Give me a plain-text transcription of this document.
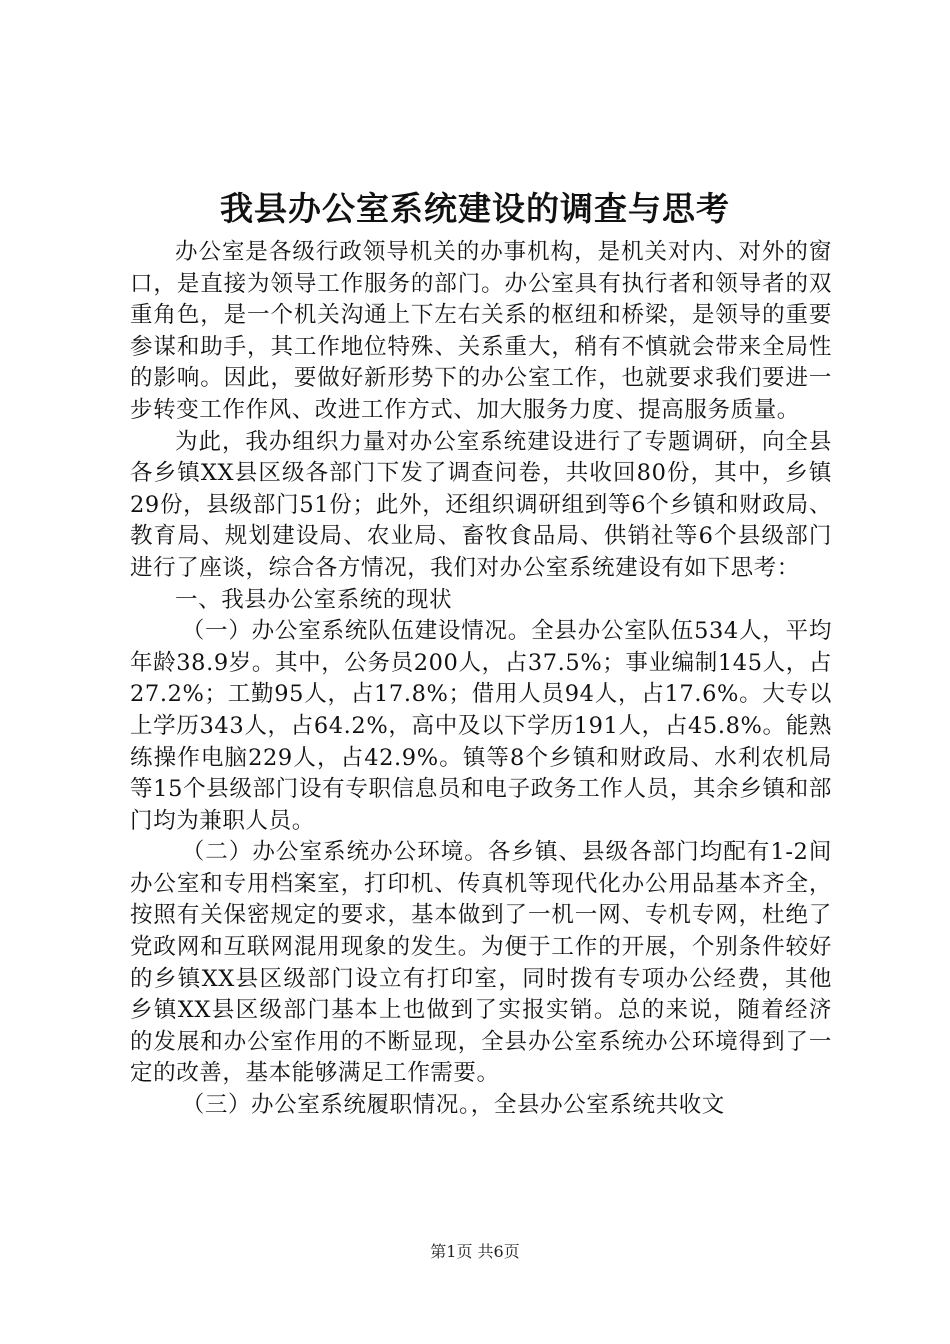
我县办公室系统建设的调查与思考

办公室是各级行政领导机关的办事机构，是机关对内、对外的窗口，是直接为领导工作服务的部门。办公室具有执行者和领导者的双重角色，是一个机关沟通上下左右关系的枢纽和桥梁，是领导的重要参谋和助手，其工作地位特殊、关系重大，稍有不慎就会带来全局性的影响。因此，要做好新形势下的办公室工作，也就要求我们要进一步转变工作作风、改进工作方式、加大服务力度、提高服务质量。

为此，我办组织力量对办公室系统建设进行了专题调研，向全县各乡镇XX县区级各部门下发了调查问卷，共收回80份，其中，乡镇29份，县级部门51份；此外，还组织调研组到等6个乡镇和财政局、教育局、规划建设局、农业局、畜牧食品局、供销社等6个县级部门进行了座谈，综合各方情况，我们对办公室系统建设有如下思考：

一、我县办公室系统的现状

（一）办公室系统队伍建设情况。全县办公室队伍534人，平均年龄38.9岁。其中，公务员200人，占37.5%；事业编制145人，占27.2%；工勤95人，占17.8%；借用人员94人，占17.6%。大专以上学历343人，占64.2%，高中及以下学历191人，占45.8%。能熟练操作电脑229人，占42.9%。镇等8个乡镇和财政局、水利农机局等15个县级部门设有专职信息员和电子政务工作人员，其余乡镇和部门均为兼职人员。

（二）办公室系统办公环境。各乡镇、县级各部门均配有1-2间办公室和专用档案室，打印机、传真机等现代化办公用品基本齐全，按照有关保密规定的要求，基本做到了一机一网、专机专网，杜绝了党政网和互联网混用现象的发生。为便于工作的开展，个别条件较好的乡镇XX县区级部门设立有打印室，同时拨有专项办公经费，其他乡镇XX县区级部门基本上也做到了实报实销。总的来说，随着经济的发展和办公室作用的不断显现，全县办公室系统办公环境得到了一定的改善，基本能够满足工作需要。

（三）办公室系统履职情况。，全县办公室系统共收文

第1页 共6页
